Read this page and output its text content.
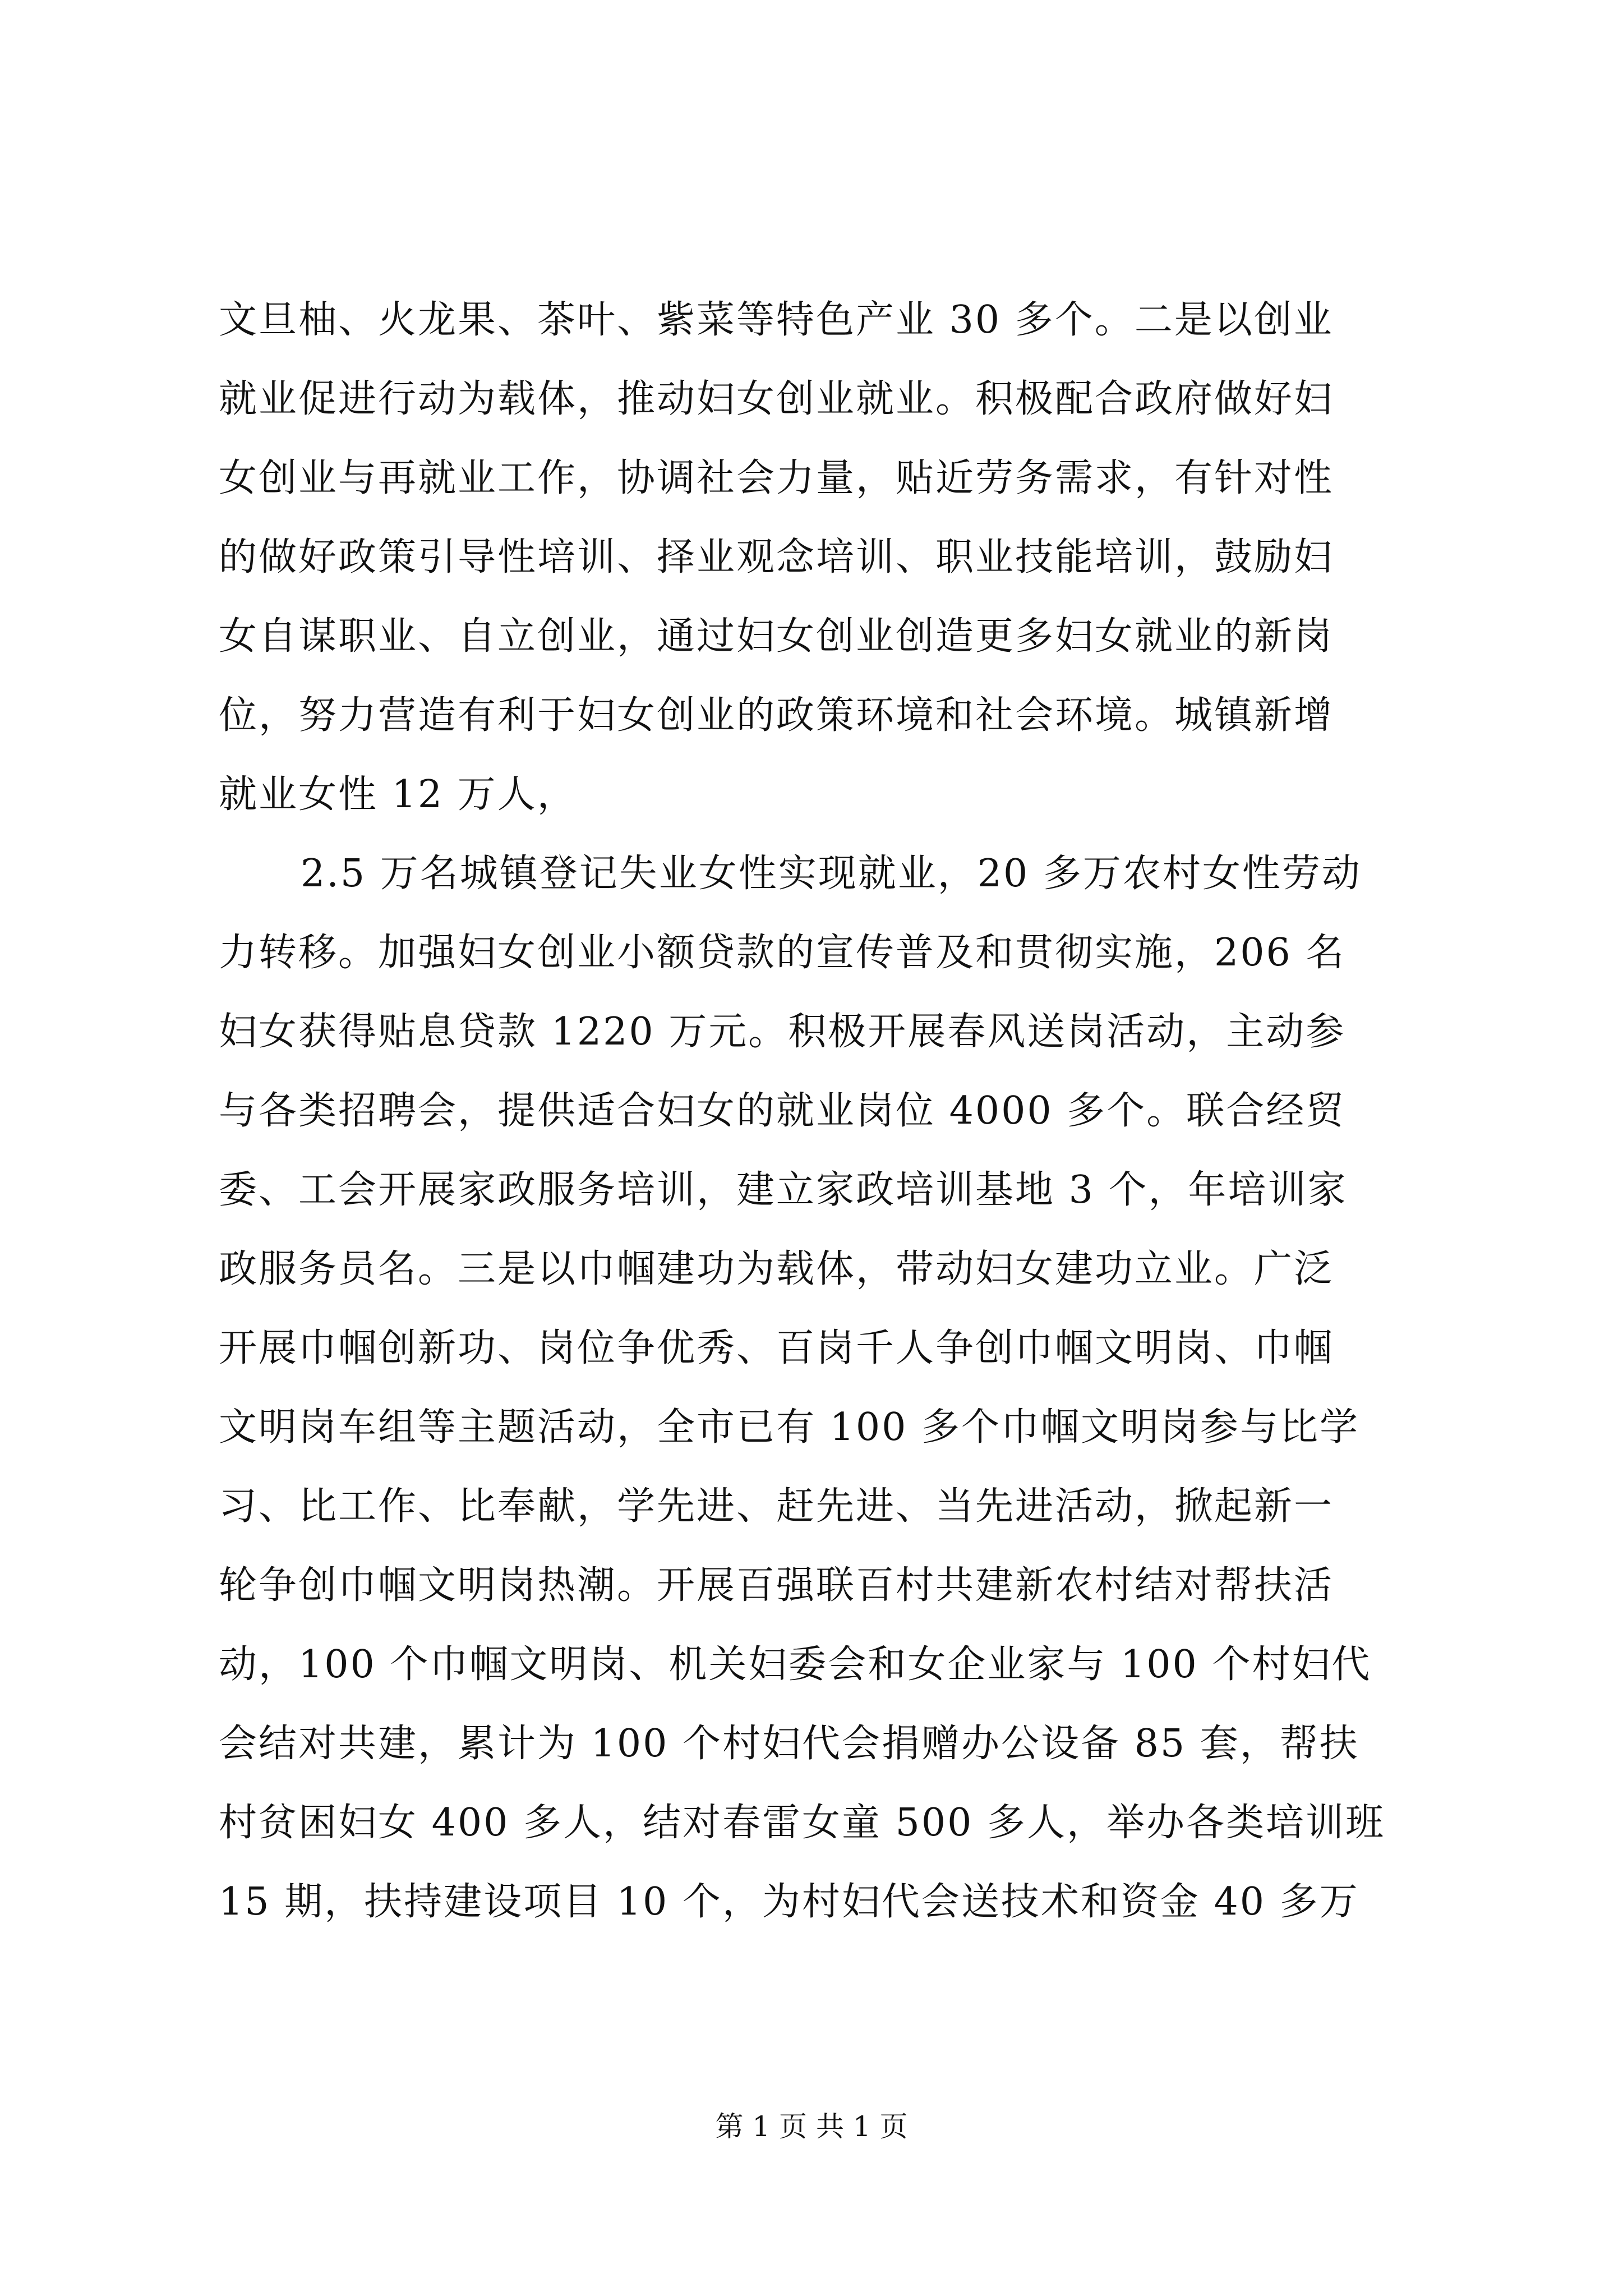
文旦柚、火龙果、茶叶、紫菜等特色产业 30 多个。二是以创业
就业促进行动为载体，推动妇女创业就业。积极配合政府做好妇
女创业与再就业工作，协调社会力量，贴近劳务需求，有针对性
的做好政策引导性培训、择业观念培训、职业技能培训，鼓励妇
女自谋职业、自立创业，通过妇女创业创造更多妇女就业的新岗
位，努力营造有利于妇女创业的政策环境和社会环境。城镇新增
就业女性 12 万人，
2.5 万名城镇登记失业女性实现就业，20 多万农村女性劳动
力转移。加强妇女创业小额贷款的宣传普及和贯彻实施，206 名
妇女获得贴息贷款 1220 万元。积极开展春风送岗活动，主动参
与各类招聘会，提供适合妇女的就业岗位 4000 多个。联合经贸
委、工会开展家政服务培训，建立家政培训基地 3 个，年培训家
政服务员名。三是以巾帼建功为载体，带动妇女建功立业。广泛
开展巾帼创新功、岗位争优秀、百岗千人争创巾帼文明岗、巾帼
文明岗车组等主题活动，全市已有 100 多个巾帼文明岗参与比学
习、比工作、比奉献，学先进、赶先进、当先进活动，掀起新一
轮争创巾帼文明岗热潮。开展百强联百村共建新农村结对帮扶活
动，100 个巾帼文明岗、机关妇委会和女企业家与 100 个村妇代
会结对共建，累计为 100 个村妇代会捐赠办公设备 85 套，帮扶
村贫困妇女 400 多人，结对春雷女童 500 多人，举办各类培训班
15 期，扶持建设项目 10 个，为村妇代会送技术和资金 40 多万
第 1 页 共 1 页
